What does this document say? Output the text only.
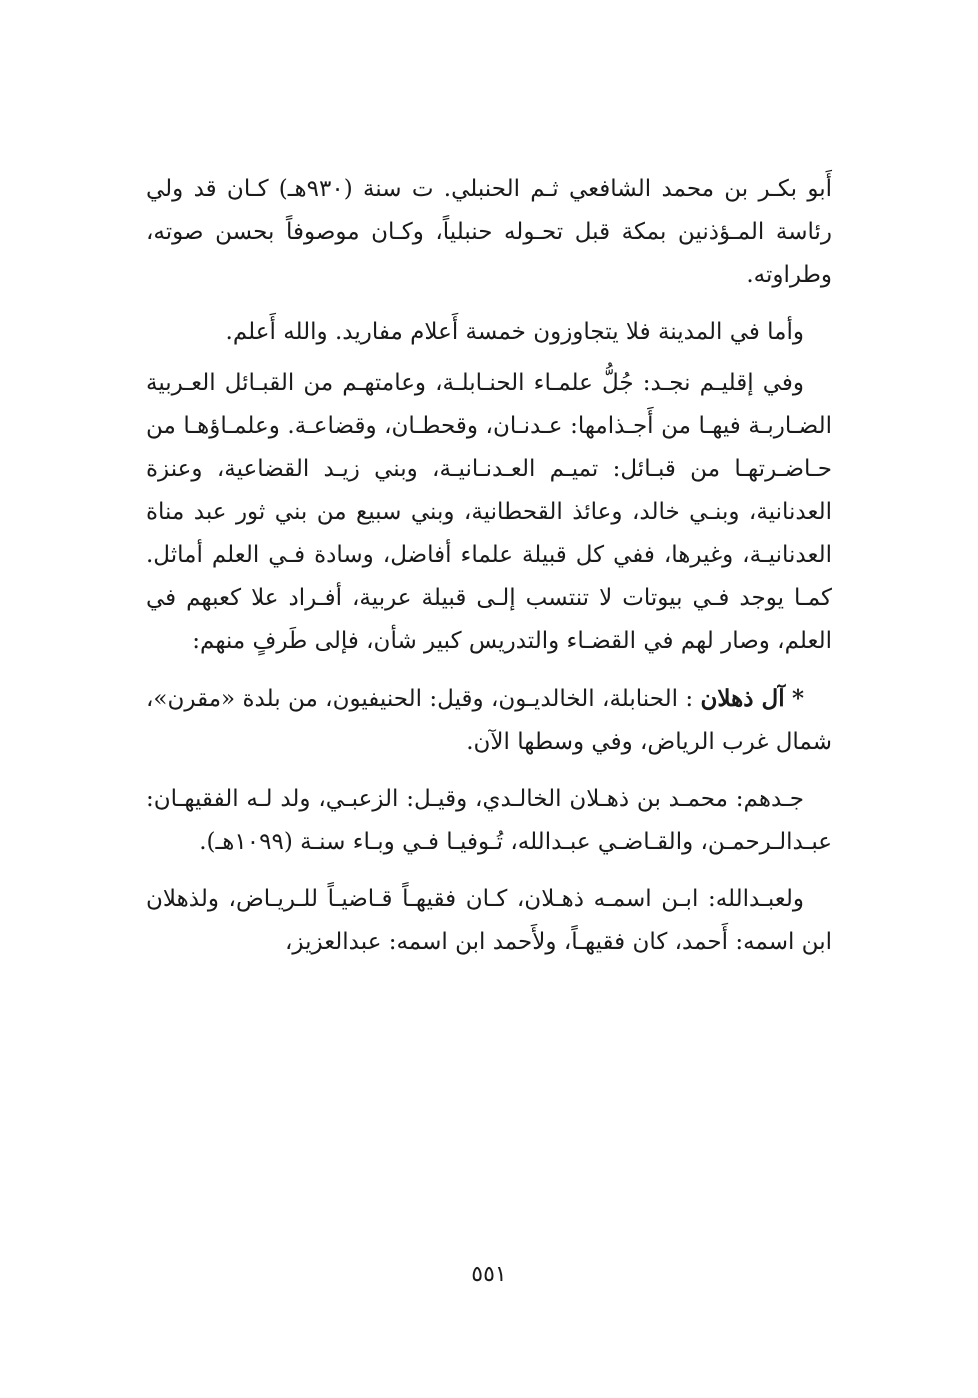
أَبو بكـر بن محمد الشافعي ثـم الحنبلي. ت سنة (٩٣٠هـ) كـان قد ولي رئاسة المـؤذنين بمكة قبل تحـوله حنبلياً، وكـان موصوفاً بحسن صوته، وطراوته.

وأما في المدينة فلا يتجاوزون خمسة أَعلام مفاريد. والله أَعلم.

وفي إقليـم نجـد: جُلُّ علمـاء الحنـابلـة، وعامتهـم من القبـائل العـربية الضـاربـة فيهـا من أَجـذامها: عـدنـان، وقحطـان، وقضاعـة. وعلمـاؤهـا من حـاضـرتهـا من قبـائل: تميـم العـدنـانيـة، وبني زيـد القضاعية، وعنزة العدنانية، وبنـي خالد، وعائذ القحطانية، وبني سبيع من بني ثور عبد مناة العدنانيـة، وغيرها، ففي كل قبيلة علماء أفاضل، وسادة فـي العلم أماثل. كمـا يوجد فـي بيوتات لا تنتسب إلـى قبيلة عربية، أفـراد علا كعبهم في العلم، وصار لهم في القضـاء والتدريس كبير شأن، فإلى طَرفٍ منهم:

* آل ذهلان : الحنابلة، الخالديـون، وقيل: الحنيفيون، من بلدة «مقرن»، شمال غرب الرياض، وفي وسطها الآن.

جـدهم: محمـد بن ذهـلان الخالـدي، وقيـل: الزعبـي، ولد لـه الفقيهـان: عبـدالـرحمـن، والقـاضـي عبـدالله، تُـوفيـا فـي وبـاء سنـة (١٠٩٩هـ).

ولعبـدالله: ابـن اسمـه ذهـلان، كـان فقيهـاً قـاضيـاً للـريـاض، ولذهلان ابن اسمه: أَحمد، كان فقيهـاً، ولأَحمد ابن اسمه: عبدالعزيز،

٥٥١
